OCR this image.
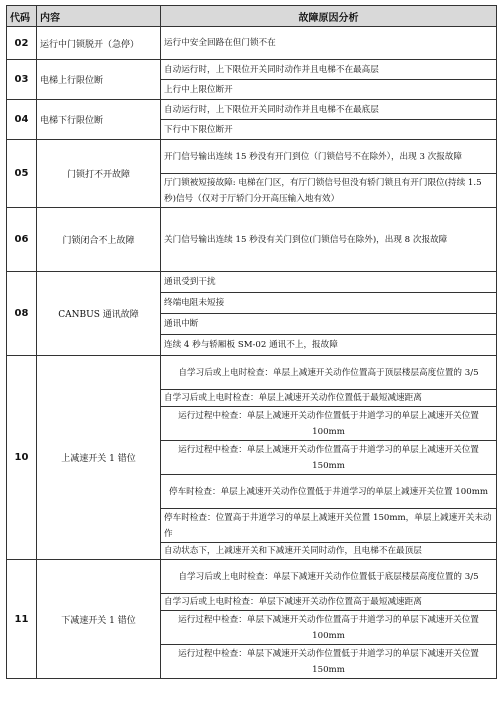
代码	内容	故障原因分析
02	运行中门锁脱开（急停）	运行中安全回路在但门锁不在
03	电梯上行限位断	自动运行时，上下限位开关同时动作并且电梯不在最高层
		上行中上限位断开
04	电梯下行限位断	自动运行时，上下限位开关同时动作并且电梯不在最底层
		下行中下限位断开
05	门锁打不开故障	开门信号输出连续 15 秒没有开门到位（门锁信号不在除外），出现 3 次报故障
		厅门锁被短接故障: 电梯在门区，有厅门锁信号但没有轿门锁且有开门限位(持续 1.5 秒)信号（仅对于厅轿门分开高压输入地有效）
06	门锁闭合不上故障	关门信号输出连续 15 秒没有关门到位(门锁信号在除外)，出现 8 次报故障
08	CANBUS 通讯故障	通讯受到干扰
		终端电阻未短接
		通讯中断
		连续 4 秒与轿厢板 SM-02 通讯不上，报故障
10	上减速开关 1 错位	自学习后或上电时检查：单层上减速开关动作位置高于顶层楼层高度位置的 3/5
		自学习后或上电时检查：单层上减速开关动作位置低于最短减速距离
		运行过程中检查：单层上减速开关动作位置低于井道学习的单层上减速开关位置 100mm
		运行过程中检查：单层上减速开关动作位置高于井道学习的单层上减速开关位置 150mm
		停车时检查：单层上减速开关动作位置低于井道学习的单层上减速开关位置 100mm
		停车时检查：位置高于井道学习的单层上减速开关位置 150mm，单层上减速开关未动作
		自动状态下，上减速开关和下减速开关同时动作，且电梯不在最顶层
11	下减速开关 1 错位	自学习后或上电时检查：单层下减速开关动作位置低于底层楼层高度位置的 3/5
		自学习后或上电时检查：单层下减速开关动作位置高于最短减速距离
		运行过程中检查：单层下减速开关动作位置高于井道学习的单层下减速开关位置 100mm
		运行过程中检查：单层下减速开关动作位置低于井道学习的单层下减速开关位置 150mm
